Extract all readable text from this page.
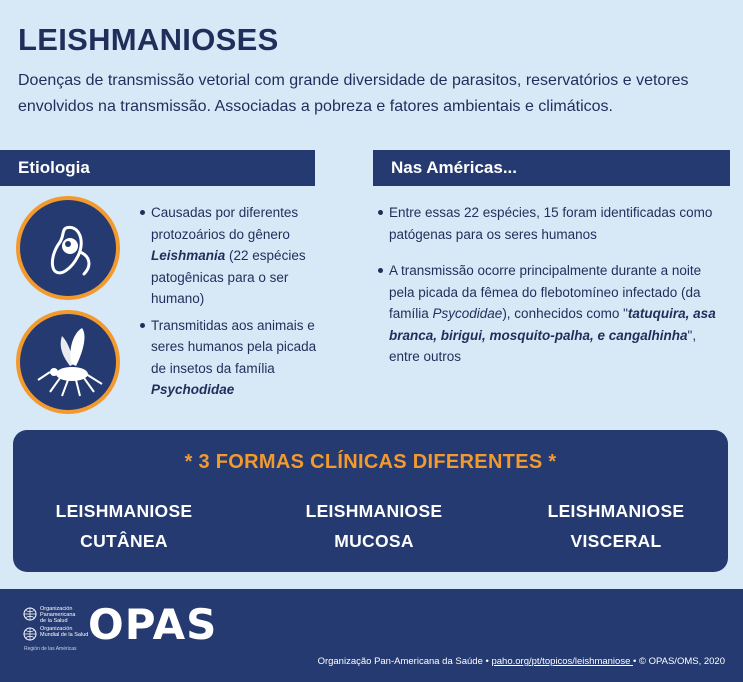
LEISHMANIOSES
Doenças de transmissão vetorial com grande diversidade de parasitos, reservatórios e vetores envolvidos na transmissão. Associadas a pobreza e fatores ambientais e climáticos.
Etiologia	Nas Américas...
Causadas por diferentes protozoários do gênero Leishmania (22 espécies patogênicas para o ser humano)
Transmitidas aos animais e seres humanos pela picada de insetos da família Psychodidae
Entre essas 22 espécies, 15 foram identificadas como patógenas para os seres humanos
A transmissão ocorre principalmente durante a noite pela picada da fêmea do flebotomíneo infectado (da família Psycodidae), conhecidos como "tatuquira, asa branca, birigui, mosquito-palha, e cangalhinha", entre outros
* 3 FORMAS CLÍNICAS DIFERENTES *
LEISHMANIOSE
CUTÂNEA
LEISHMANIOSE
MUCOSA
LEISHMANIOSE
VISCERAL
Organización
Panamericana
de la Salud
Organización
Mundial de la Salud
Región de las Américas OPAS
Organização Pan-Americana da Saúde • paho.org/pt/topicos/leishmaniose • © OPAS/OMS, 2020
